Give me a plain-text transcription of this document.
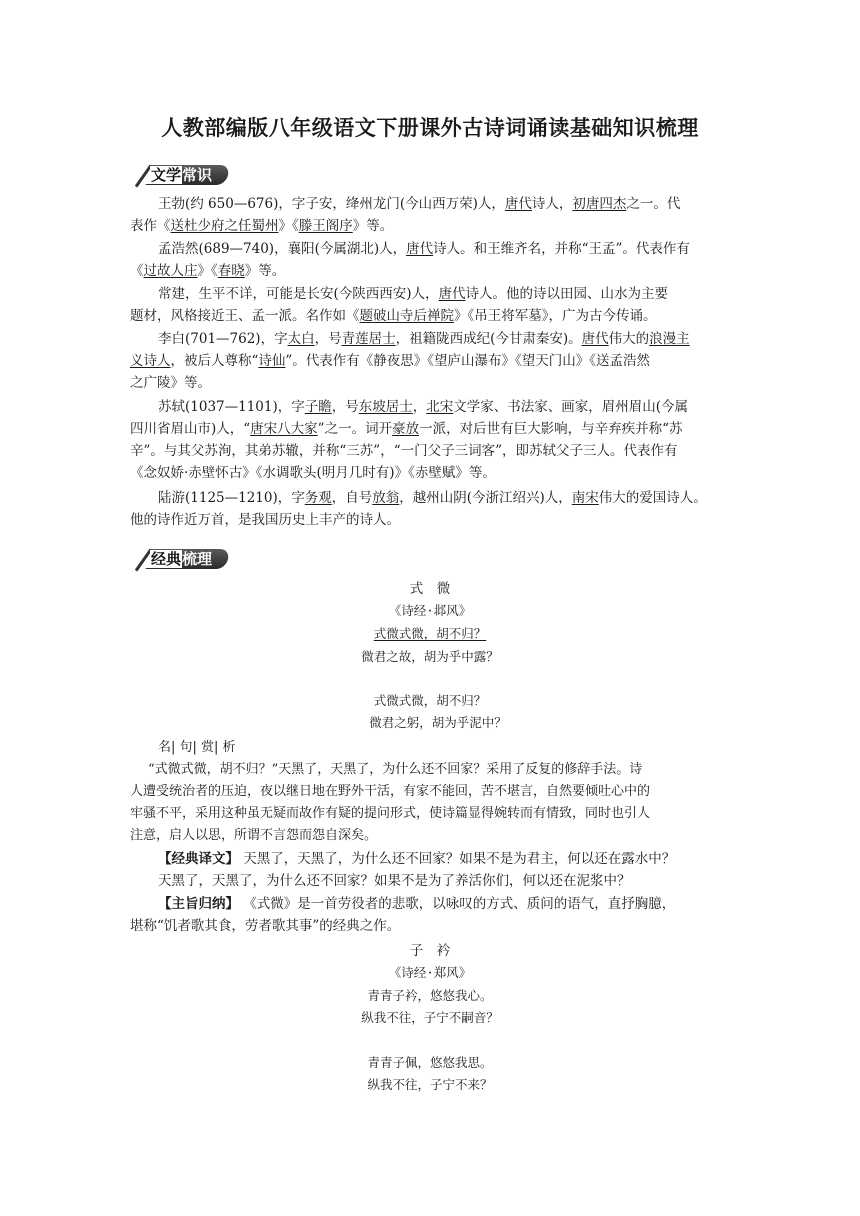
人教部编版八年级语文下册课外古诗词诵读基础知识梳理
文学常识
王勃(约 650—676)，字子安，绛州龙门(今山西万荣)人，唐代诗人，初唐四杰之一。代
表作《送杜少府之任蜀州》《滕王阁序》等。
孟浩然(689—740)，襄阳(今属湖北)人，唐代诗人。和王维齐名，并称“王孟”。代表作有
《过故人庄》《春晓》等。
常建，生平不详，可能是长安(今陕西西安)人，唐代诗人。他的诗以田园、山水为主要
题材，风格接近王、孟一派。名作如《题破山寺后禅院》《吊王将军墓》，广为古今传诵。
李白(701—762)，字太白，号青莲居士，祖籍陇西成纪(今甘肃秦安)。唐代伟大的浪漫主
义诗人，被后人尊称“诗仙”。代表作有《静夜思》《望庐山瀑布》《望天门山》《送孟浩然
之广陵》等。
苏轼(1037—1101)，字子瞻，号东坡居士，北宋文学家、书法家、画家，眉州眉山(今属
四川省眉山市)人，“唐宋八大家”之一。词开豪放一派，对后世有巨大影响，与辛弃疾并称“苏
辛”。与其父苏洵，其弟苏辙，并称“三苏”，“一门父子三词客”，即苏轼父子三人。代表作有
《念奴娇·赤壁怀古》《水调歌头(明月几时有)》《赤壁赋》等。
陆游(1125—1210)，字务观，自号放翁，越州山阴(今浙江绍兴)人，南宋伟大的爱国诗人。
他的诗作近万首，是我国历史上丰产的诗人。
经典梳理
式　微
《诗经·邶风》
式微式微，胡不归？
微君之故，胡为乎中露？
式微式微，胡不归？
微君之躬，胡为乎泥中？
名| 句| 赏| 析
“式微式微，胡不归？”天黑了，天黑了，为什么还不回家？采用了反复的修辞手法。诗
人遭受统治者的压迫，夜以继日地在野外干活，有家不能回，苦不堪言，自然要倾吐心中的
牢骚不平，采用这种虽无疑而故作有疑的提问形式，使诗篇显得婉转而有情致，同时也引人
注意，启人以思，所谓不言怨而怨自深矣。
【经典译文】 天黑了，天黑了，为什么还不回家？如果不是为君主，何以还在露水中？
天黑了，天黑了，为什么还不回家？如果不是为了养活你们，何以还在泥浆中？
【主旨归纳】 《式微》是一首劳役者的悲歌，以咏叹的方式、质问的语气，直抒胸臆，
堪称“饥者歌其食，劳者歌其事”的经典之作。
子　衿
《诗经·郑风》
青青子衿，悠悠我心。
纵我不往，子宁不嗣音？
青青子佩，悠悠我思。
纵我不往，子宁不来？
